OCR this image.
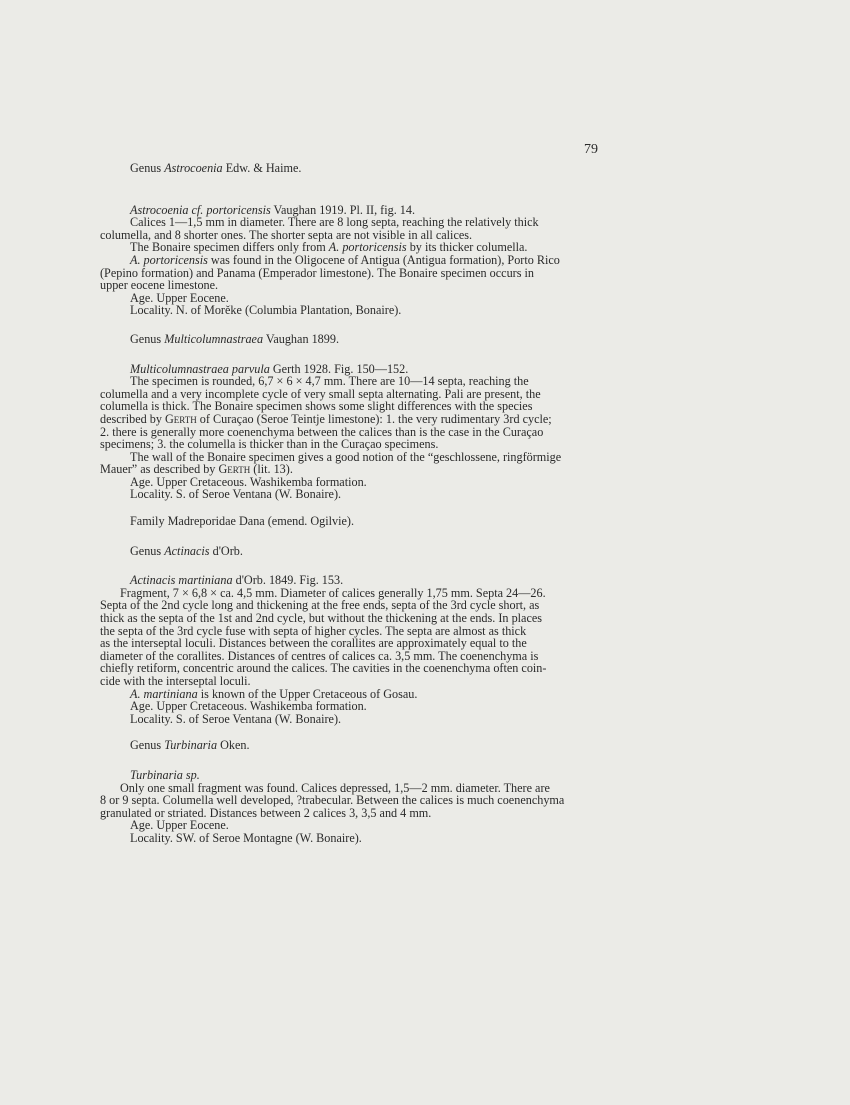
79

Genus Astrocoenia Edw. & Haime.

Astrocoenia cf. portoricensis Vaughan 1919. Pl. II, fig. 14.

Calices 1—1,5 mm in diameter. There are 8 long septa, reaching the relatively thick

columella, and 8 shorter ones. The shorter septa are not visible in all calices.

The Bonaire specimen differs only from A. portoricensis by its thicker columella.

A. portoricensis was found in the Oligocene of Antigua (Antigua formation), Porto Rico

(Pepino formation) and Panama (Emperador limestone). The Bonaire specimen occurs in

upper eocene limestone.

Age. Upper Eocene.

Locality. N. of Morěke (Columbia Plantation, Bonaire).

Genus Multicolumnastraea Vaughan 1899.

Multicolumnastraea parvula Gerth 1928. Fig. 150—152.

The specimen is rounded, 6,7 × 6 × 4,7 mm. There are 10—14 septa, reaching the

columella and a very incomplete cycle of very small septa alternating. Pali are present, the

columella is thick. The Bonaire specimen shows some slight differences with the species

described by Gerth of Curaçao (Seroe Teintje limestone): 1. the very rudimentary 3rd cycle;

2. there is generally more coenenchyma between the calices than is the case in the Curaçao

specimens; 3. the columella is thicker than in the Curaçao specimens.

The wall of the Bonaire specimen gives a good notion of the “geschlossene, ringförmige

Mauer” as described by Gerth (lit. 13).

Age. Upper Cretaceous. Washikemba formation.

Locality. S. of Seroe Ventana (W. Bonaire).

Family Madreporidae Dana (emend. Ogilvie).

Genus Actinacis d'Orb.

Actinacis martiniana d'Orb. 1849. Fig. 153.

Fragment, 7 × 6,8 × ca. 4,5 mm. Diameter of calices generally 1,75 mm. Septa 24—26.

Septa of the 2nd cycle long and thickening at the free ends, septa of the 3rd cycle short, as

thick as the septa of the 1st and 2nd cycle, but without the thickening at the ends. In places

the septa of the 3rd cycle fuse with septa of higher cycles. The septa are almost as thick

as the interseptal loculi. Distances between the corallites are approximately equal to the

diameter of the corallites. Distances of centres of calices ca. 3,5 mm. The coenenchyma is

chiefly retiform, concentric around the calices. The cavities in the coenenchyma often coin-

cide with the interseptal loculi.

A. martiniana is known of the Upper Cretaceous of Gosau.

Age. Upper Cretaceous. Washikemba formation.

Locality. S. of Seroe Ventana (W. Bonaire).

Genus Turbinaria Oken.

Turbinaria sp.

Only one small fragment was found. Calices depressed, 1,5—2 mm. diameter. There are

8 or 9 septa. Columella well developed, ?trabecular. Between the calices is much coenenchyma

granulated or striated. Distances between 2 calices 3, 3,5 and 4 mm.

Age. Upper Eocene.

Locality. SW. of Seroe Montagne (W. Bonaire).
